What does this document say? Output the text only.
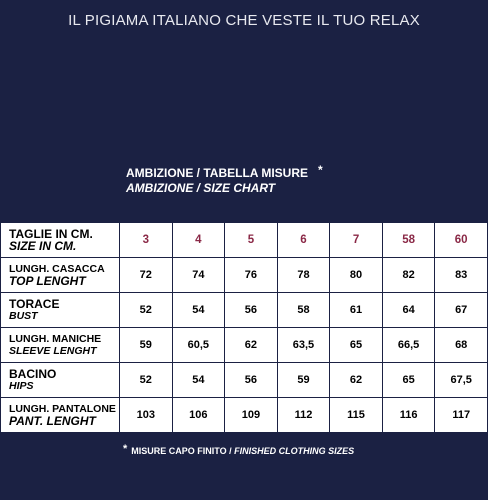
IL PIGIAMA ITALIANO CHE VESTE IL TUO RELAX
AMBIZIONE / TABELLA MISURE *
AMBIZIONE / SIZE CHART
TAGLIE IN CM.
SIZE IN CM.	3	4	5	6	7	58	60

LUNGH. CASACCA
TOP LENGHT	72	74	76	78	80	82	83

TORACE
BUST	52	54	56	58	61	64	67

LUNGH. MANICHE
SLEEVE LENGHT	59	60,5	62	63,5	65	66,5	68

BACINO
HIPS	52	54	56	59	62	65	67,5

LUNGH. PANTALONE
PANT. LENGHT	103	106	109	112	115	116	117
* MISURE CAPO FINITO / FINISHED CLOTHING SIZES
